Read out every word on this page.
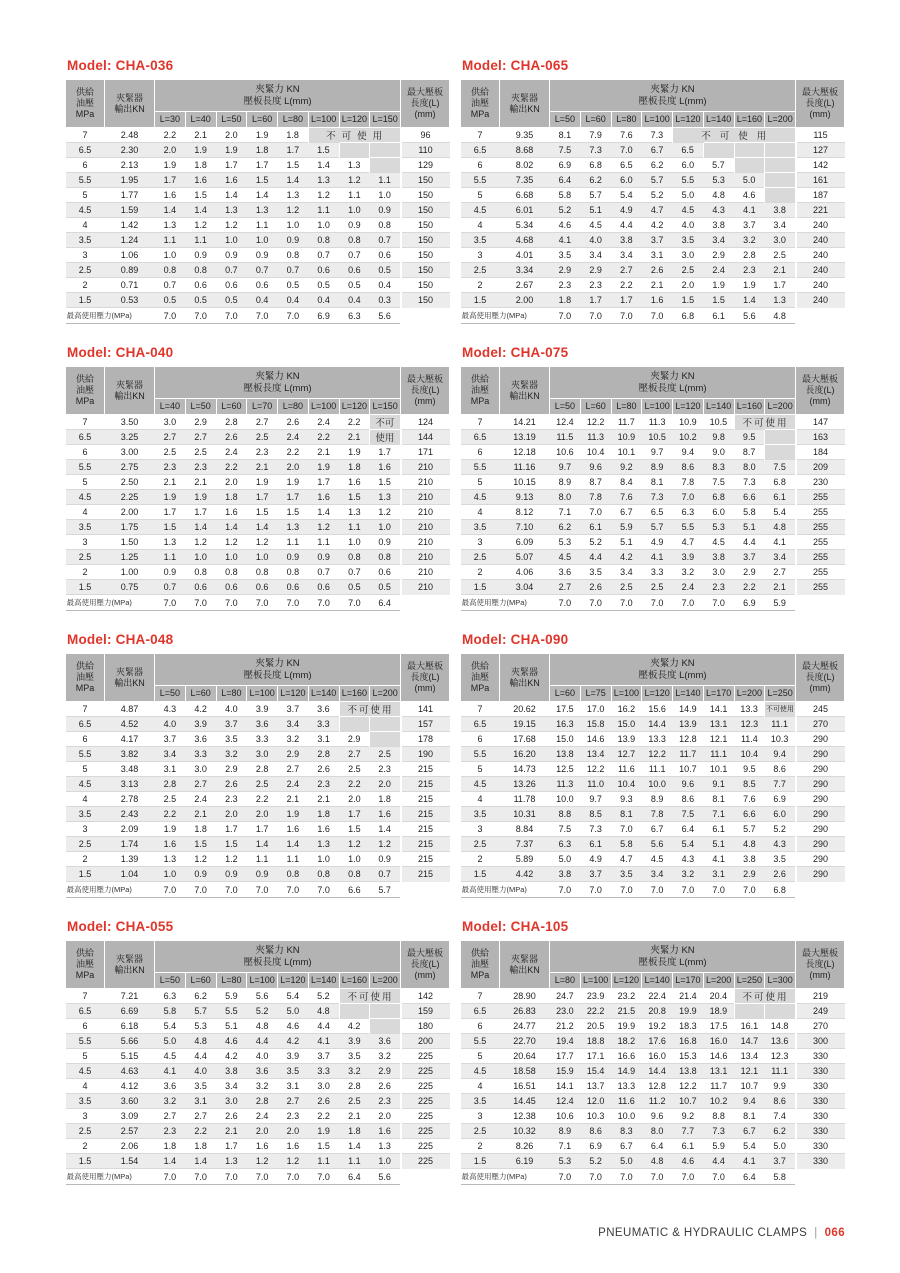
Model: CHA-036
供給
油壓
MPa	夾緊器
輸出KN	夾緊力 KN
壓板長度 L(mm)								最大壓板
長度(L)
(mm)
		L=30	L=40	L=50	L=60	L=80	L=100	L=120	L=150	
7	2.48	2.2	2.1	2.0	1.9	1.8	不可使用			96
6.5	2.30	2.0	1.9	1.9	1.8	1.7	1.5			110
6	2.13	1.9	1.8	1.7	1.7	1.5	1.4	1.3		129
5.5	1.95	1.7	1.6	1.6	1.5	1.4	1.3	1.2	1.1	150
5	1.77	1.6	1.5	1.4	1.4	1.3	1.2	1.1	1.0	150
4.5	1.59	1.4	1.4	1.3	1.3	1.2	1.1	1.0	0.9	150
4	1.42	1.3	1.2	1.2	1.1	1.0	1.0	0.9	0.8	150
3.5	1.24	1.1	1.1	1.0	1.0	0.9	0.8	0.8	0.7	150
3	1.06	1.0	0.9	0.9	0.9	0.8	0.7	0.7	0.6	150
2.5	0.89	0.8	0.8	0.7	0.7	0.7	0.6	0.6	0.5	150
2	0.71	0.7	0.6	0.6	0.6	0.5	0.5	0.5	0.4	150
1.5	0.53	0.5	0.5	0.5	0.4	0.4	0.4	0.4	0.3	150
最高使用壓力(MPa)		7.0	7.0	7.0	7.0	7.0	6.9	6.3	5.6	
Model: CHA-065
供給
油壓
MPa	夾緊器
輸出KN	夾緊力 KN
壓板長度 L(mm)								最大壓板
長度(L)
(mm)
		L=50	L=60	L=80	L=100	L=120	L=140	L=160	L=200	
7	9.35	8.1	7.9	7.6	7.3	不可使用				115
6.5	8.68	7.5	7.3	7.0	6.7	6.5				127
6	8.02	6.9	6.8	6.5	6.2	6.0	5.7			142
5.5	7.35	6.4	6.2	6.0	5.7	5.5	5.3	5.0		161
5	6.68	5.8	5.7	5.4	5.2	5.0	4.8	4.6		187
4.5	6.01	5.2	5.1	4.9	4.7	4.5	4.3	4.1	3.8	221
4	5.34	4.6	4.5	4.4	4.2	4.0	3.8	3.7	3.4	240
3.5	4.68	4.1	4.0	3.8	3.7	3.5	3.4	3.2	3.0	240
3	4.01	3.5	3.4	3.4	3.1	3.0	2.9	2.8	2.5	240
2.5	3.34	2.9	2.9	2.7	2.6	2.5	2.4	2.3	2.1	240
2	2.67	2.3	2.3	2.2	2.1	2.0	1.9	1.9	1.7	240
1.5	2.00	1.8	1.7	1.7	1.6	1.5	1.5	1.4	1.3	240
最高使用壓力(MPa)		7.0	7.0	7.0	7.0	6.8	6.1	5.6	4.8	
Model: CHA-040
供給
油壓
MPa	夾緊器
輸出KN	夾緊力 KN
壓板長度 L(mm)								最大壓板
長度(L)
(mm)
		L=40	L=50	L=60	L=70	L=80	L=100	L=120	L=150	
7	3.50	3.0	2.9	2.8	2.7	2.6	2.4	2.2	不可	124
6.5	3.25	2.7	2.7	2.6	2.5	2.4	2.2	2.1	使用	144
6	3.00	2.5	2.5	2.4	2.3	2.2	2.1	1.9	1.7	171
5.5	2.75	2.3	2.3	2.2	2.1	2.0	1.9	1.8	1.6	210
5	2.50	2.1	2.1	2.0	1.9	1.9	1.7	1.6	1.5	210
4.5	2.25	1.9	1.9	1.8	1.7	1.7	1.6	1.5	1.3	210
4	2.00	1.7	1.7	1.6	1.5	1.5	1.4	1.3	1.2	210
3.5	1.75	1.5	1.4	1.4	1.4	1.3	1.2	1.1	1.0	210
3	1.50	1.3	1.2	1.2	1.2	1.1	1.1	1.0	0.9	210
2.5	1.25	1.1	1.0	1.0	1.0	0.9	0.9	0.8	0.8	210
2	1.00	0.9	0.8	0.8	0.8	0.8	0.7	0.7	0.6	210
1.5	0.75	0.7	0.6	0.6	0.6	0.6	0.6	0.5	0.5	210
最高使用壓力(MPa)		7.0	7.0	7.0	7.0	7.0	7.0	7.0	6.4	
Model: CHA-075
供給
油壓
MPa	夾緊器
輸出KN	夾緊力 KN
壓板長度 L(mm)								最大壓板
長度(L)
(mm)
		L=50	L=60	L=80	L=100	L=120	L=140	L=160	L=200	
7	14.21	12.4	12.2	11.7	11.3	10.9	10.5	不可使用		147
6.5	13.19	11.5	11.3	10.9	10.5	10.2	9.8	9.5		163
6	12.18	10.6	10.4	10.1	9.7	9.4	9.0	8.7		184
5.5	11.16	9.7	9.6	9.2	8.9	8.6	8.3	8.0	7.5	209
5	10.15	8.9	8.7	8.4	8.1	7.8	7.5	7.3	6.8	230
4.5	9.13	8.0	7.8	7.6	7.3	7.0	6.8	6.6	6.1	255
4	8.12	7.1	7.0	6.7	6.5	6.3	6.0	5.8	5.4	255
3.5	7.10	6.2	6.1	5.9	5.7	5.5	5.3	5.1	4.8	255
3	6.09	5.3	5.2	5.1	4.9	4.7	4.5	4.4	4.1	255
2.5	5.07	4.5	4.4	4.2	4.1	3.9	3.8	3.7	3.4	255
2	4.06	3.6	3.5	3.4	3.3	3.2	3.0	2.9	2.7	255
1.5	3.04	2.7	2.6	2.5	2.5	2.4	2.3	2.2	2.1	255
最高使用壓力(MPa)		7.0	7.0	7.0	7.0	7.0	7.0	6.9	5.9	
Model: CHA-048
供給
油壓
MPa	夾緊器
輸出KN	夾緊力 KN
壓板長度 L(mm)								最大壓板
長度(L)
(mm)
		L=50	L=60	L=80	L=100	L=120	L=140	L=160	L=200	
7	4.87	4.3	4.2	4.0	3.9	3.7	3.6	不可使用		141
6.5	4.52	4.0	3.9	3.7	3.6	3.4	3.3			157
6	4.17	3.7	3.6	3.5	3.3	3.2	3.1	2.9		178
5.5	3.82	3.4	3.3	3.2	3.0	2.9	2.8	2.7	2.5	190
5	3.48	3.1	3.0	2.9	2.8	2.7	2.6	2.5	2.3	215
4.5	3.13	2.8	2.7	2.6	2.5	2.4	2.3	2.2	2.0	215
4	2.78	2.5	2.4	2.3	2.2	2.1	2.1	2.0	1.8	215
3.5	2.43	2.2	2.1	2.0	2.0	1.9	1.8	1.7	1.6	215
3	2.09	1.9	1.8	1.7	1.7	1.6	1.6	1.5	1.4	215
2.5	1.74	1.6	1.5	1.5	1.4	1.4	1.3	1.2	1.2	215
2	1.39	1.3	1.2	1.2	1.1	1.1	1.0	1.0	0.9	215
1.5	1.04	1.0	0.9	0.9	0.9	0.8	0.8	0.8	0.7	215
最高使用壓力(MPa)		7.0	7.0	7.0	7.0	7.0	7.0	6.6	5.7	
Model: CHA-090
供給
油壓
MPa	夾緊器
輸出KN	夾緊力 KN
壓板長度 L(mm)								最大壓板
長度(L)
(mm)
		L=60	L=75	L=100	L=120	L=140	L=170	L=200	L=250	
7	20.62	17.5	17.0	16.2	15.6	14.9	14.1	13.3	不可使用	245
6.5	19.15	16.3	15.8	15.0	14.4	13.9	13.1	12.3	11.1	270
6	17.68	15.0	14.6	13.9	13.3	12.8	12.1	11.4	10.3	290
5.5	16.20	13.8	13.4	12.7	12.2	11.7	11.1	10.4	9.4	290
5	14.73	12.5	12.2	11.6	11.1	10.7	10.1	9.5	8.6	290
4.5	13.26	11.3	11.0	10.4	10.0	9.6	9.1	8.5	7.7	290
4	11.78	10.0	9.7	9.3	8.9	8.6	8.1	7.6	6.9	290
3.5	10.31	8.8	8.5	8.1	7.8	7.5	7.1	6.6	6.0	290
3	8.84	7.5	7.3	7.0	6.7	6.4	6.1	5.7	5.2	290
2.5	7.37	6.3	6.1	5.8	5.6	5.4	5.1	4.8	4.3	290
2	5.89	5.0	4.9	4.7	4.5	4.3	4.1	3.8	3.5	290
1.5	4.42	3.8	3.7	3.5	3.4	3.2	3.1	2.9	2.6	290
最高使用壓力(MPa)		7.0	7.0	7.0	7.0	7.0	7.0	7.0	6.8	
Model: CHA-055
供給
油壓
MPa	夾緊器
輸出KN	夾緊力 KN
壓板長度 L(mm)								最大壓板
長度(L)
(mm)
		L=50	L=60	L=80	L=100	L=120	L=140	L=160	L=200	
7	7.21	6.3	6.2	5.9	5.6	5.4	5.2	不可使用		142
6.5	6.69	5.8	5.7	5.5	5.2	5.0	4.8			159
6	6.18	5.4	5.3	5.1	4.8	4.6	4.4	4.2		180
5.5	5.66	5.0	4.8	4.6	4.4	4.2	4.1	3.9	3.6	200
5	5.15	4.5	4.4	4.2	4.0	3.9	3.7	3.5	3.2	225
4.5	4.63	4.1	4.0	3.8	3.6	3.5	3.3	3.2	2.9	225
4	4.12	3.6	3.5	3.4	3.2	3.1	3.0	2.8	2.6	225
3.5	3.60	3.2	3.1	3.0	2.8	2.7	2.6	2.5	2.3	225
3	3.09	2.7	2.7	2.6	2.4	2.3	2.2	2.1	2.0	225
2.5	2.57	2.3	2.2	2.1	2.0	2.0	1.9	1.8	1.6	225
2	2.06	1.8	1.8	1.7	1.6	1.6	1.5	1.4	1.3	225
1.5	1.54	1.4	1.4	1.3	1.2	1.2	1.1	1.1	1.0	225
最高使用壓力(MPa)		7.0	7.0	7.0	7.0	7.0	7.0	6.4	5.6	
Model: CHA-105
供給
油壓
MPa	夾緊器
輸出KN	夾緊力 KN
壓板長度 L(mm)								最大壓板
長度(L)
(mm)
		L=80	L=100	L=120	L=140	L=170	L=200	L=250	L=300	
7	28.90	24.7	23.9	23.2	22.4	21.4	20.4	不可使用		219
6.5	26.83	23.0	22.2	21.5	20.8	19.9	18.9			249
6	24.77	21.2	20.5	19.9	19.2	18.3	17.5	16.1	14.8	270
5.5	22.70	19.4	18.8	18.2	17.6	16.8	16.0	14.7	13.6	300
5	20.64	17.7	17.1	16.6	16.0	15.3	14.6	13.4	12.3	330
4.5	18.58	15.9	15.4	14.9	14.4	13.8	13.1	12.1	11.1	330
4	16.51	14.1	13.7	13.3	12.8	12.2	11.7	10.7	9.9	330
3.5	14.45	12.4	12.0	11.6	11.2	10.7	10.2	9.4	8.6	330
3	12.38	10.6	10.3	10.0	9.6	9.2	8.8	8.1	7.4	330
2.5	10.32	8.9	8.6	8.3	8.0	7.7	7.3	6.7	6.2	330
2	8.26	7.1	6.9	6.7	6.4	6.1	5.9	5.4	5.0	330
1.5	6.19	5.3	5.2	5.0	4.8	4.6	4.4	4.1	3.7	330
最高使用壓力(MPa)		7.0	7.0	7.0	7.0	7.0	7.0	6.4	5.8	
PNEUMATIC & HYDRAULIC CLAMPS | 066
